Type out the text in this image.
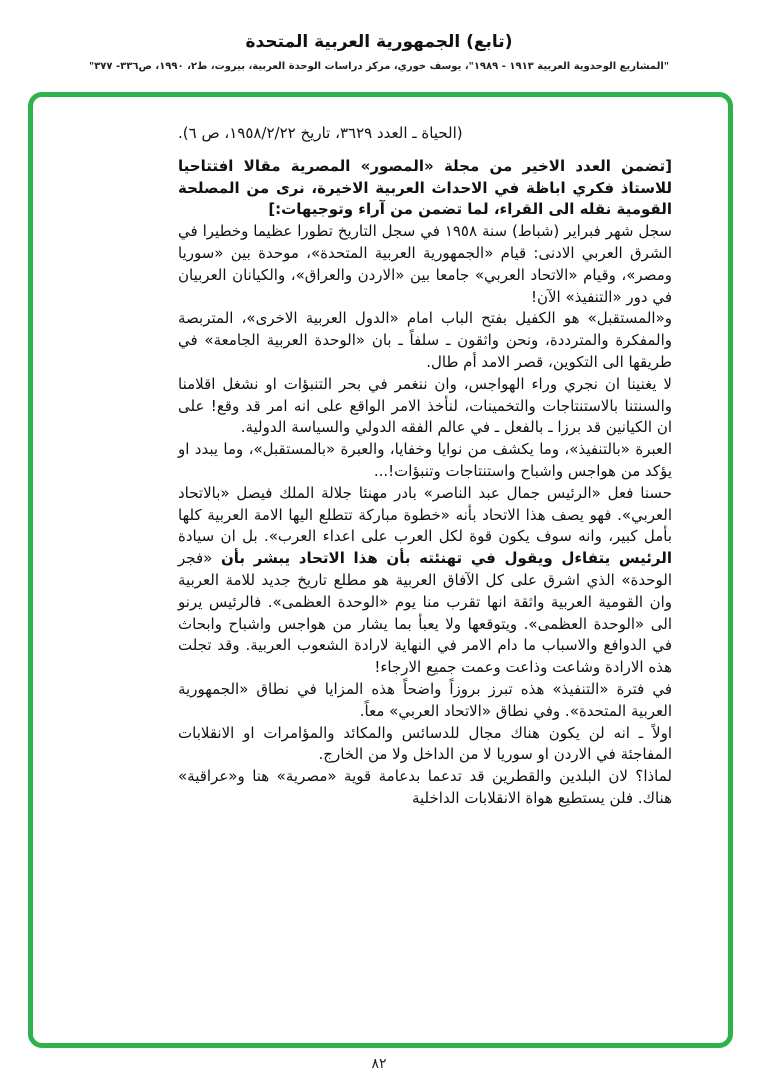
(تابع) الجمهورية العربية المتحدة
"المشاريع الوحدوية العربية ١٩١٣ - ١٩٨٩"، يوسف خوري، مركز دراسات الوحدة العربية، بيروت، ط٢، ١٩٩٠، ص٣٣٦- ٣٧٧"

(الحياة ـ العدد ٣٦٢٩، تاريخ ١٩٥٨/٢/٢٢، ص ٦).

[تضمن العدد الاخير من مجلة «المصور» المصرية مقالا افتتاحيا للاستاذ فكري اباظة في الاحداث العربية الاخيرة، نرى من المصلحة القومية نقله الى القراء، لما تضمن من آراء وتوجيهات:]

سجل شهر فبراير (شباط) سنة ١٩٥٨ في سجل التاريخ تطورا عظيما وخطيرا في الشرق العربي الادنى: قيام «الجمهورية العربية المتحدة»، موحدة بين «سوريا ومصر»، وقيام «الاتحاد العربي» جامعا بين «الاردن والعراق»، والكيانان العربيان في دور «التنفيذ» الآن!

و«المستقبل» هو الكفيل بفتح الباب امام «الدول العربية الاخرى»، المتربصة والمفكرة والمترددة، ونحن واثقون ـ سلفاً ـ بان «الوحدة العربية الجامعة» في طريقها الى التكوين، قصر الامد أم طال.

لا يغنينا ان نجري وراء الهواجس، وان ننغمر في بحر التنبؤات او نشغل اقلامنا والسنتنا بالاستنتاجات والتخمينات، لنأخذ الامر الواقع على انه امر قد وقع! على ان الكيانين قد برزا ـ بالفعل ـ في عالم الفقه الدولي والسياسة الدولية.

العبرة «بالتنفيذ»، وما يكشف من نوايا وخفايا، والعبرة «بالمستقبل»، وما يبدد او يؤكد من هواجس واشباح واستنتاجات وتنبؤات!...

حسنا فعل «الرئيس جمال عبد الناصر» بادر مهنئا جلالة الملك فيصل «بالاتحاد العربي». فهو يصف هذا الاتحاد بأنه «خطوة مباركة تتطلع اليها الامة العربية كلها بأمل كبير، وانه سوف يكون قوة لكل العرب على اعداء العرب». بل ان سيادة الرئيس يتفاءل ويقول في تهنئته بأن هذا الاتحاد يبشر بأن «فجر الوحدة» الذي اشرق على كل الآفاق العربية هو مطلع تاريخ جديد للامة العربية وان القومية العربية واثقة انها تقرب منا يوم «الوحدة العظمى». فالرئيس يرنو الى «الوحدة العظمى». ويتوقعها ولا يعبأ بما يشار من هواجس واشباح وابحاث في الدوافع والاسباب ما دام الامر في النهاية لارادة الشعوب العربية. وقد تجلت هذه الارادة وشاعت وذاعت وعمت جميع الارجاء!

في فترة «التنفيذ» هذه تبرز بروزاً واضحاً هذه المزايا في نطاق «الجمهورية العربية المتحدة». وفي نطاق «الاتحاد العربي» معاً.

اولاً ـ انه لن يكون هناك مجال للدسائس والمكائد والمؤامرات او الانقلابات المفاجئة في الاردن او سوريا لا من الداخل ولا من الخارج.

لماذا؟ لان البلدين والقطرين قد تدعما بدعامة قوية «مصرية» هنا و«عراقية» هناك. فلن يستطيع هواة الانقلابات الداخلية

٨٢
